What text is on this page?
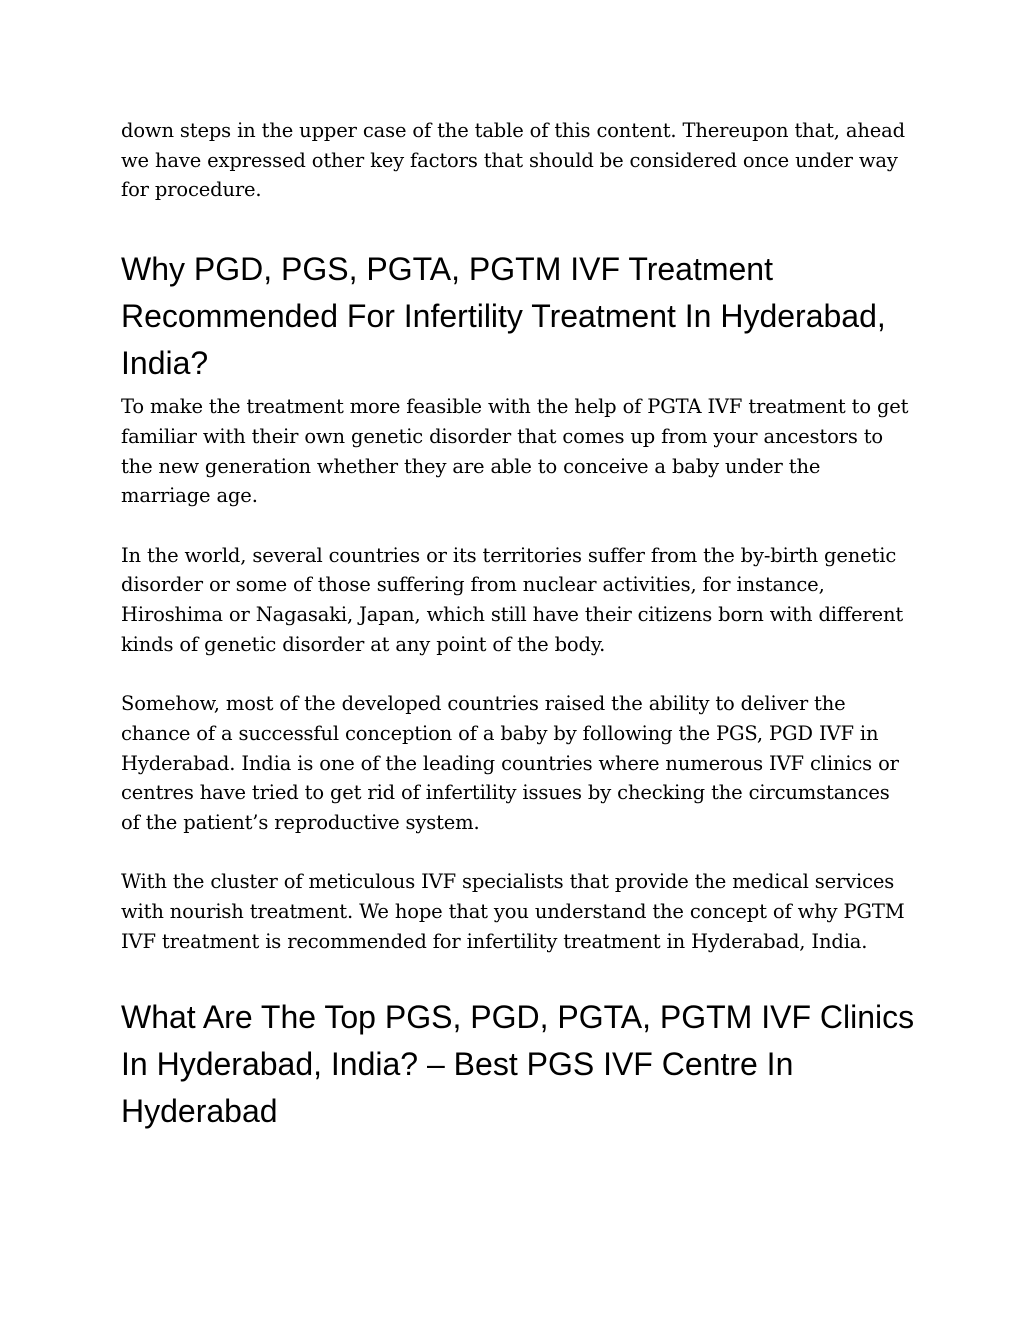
down steps in the upper case of the table of this content. Thereupon that, ahead we have expressed other key factors that should be considered once under way for procedure.

Why PGD, PGS, PGTA, PGTM IVF Treatment Recommended For Infertility Treatment In Hyderabad, India?

To make the treatment more feasible with the help of PGTA IVF treatment to get familiar with their own genetic disorder that comes up from your ancestors to the new generation whether they are able to conceive a baby under the marriage age.

In the world, several countries or its territories suffer from the by-birth genetic disorder or some of those suffering from nuclear activities, for instance, Hiroshima or Nagasaki, Japan, which still have their citizens born with different kinds of genetic disorder at any point of the body.

Somehow, most of the developed countries raised the ability to deliver the chance of a successful conception of a baby by following the PGS, PGD IVF in Hyderabad. India is one of the leading countries where numerous IVF clinics or centres have tried to get rid of infertility issues by checking the circumstances of the patient’s reproductive system.

With the cluster of meticulous IVF specialists that provide the medical services with nourish treatment. We hope that you understand the concept of why PGTM IVF treatment is recommended for infertility treatment in Hyderabad, India.

What Are The Top PGS, PGD, PGTA, PGTM IVF Clinics In Hyderabad, India? – Best PGS IVF Centre In Hyderabad
